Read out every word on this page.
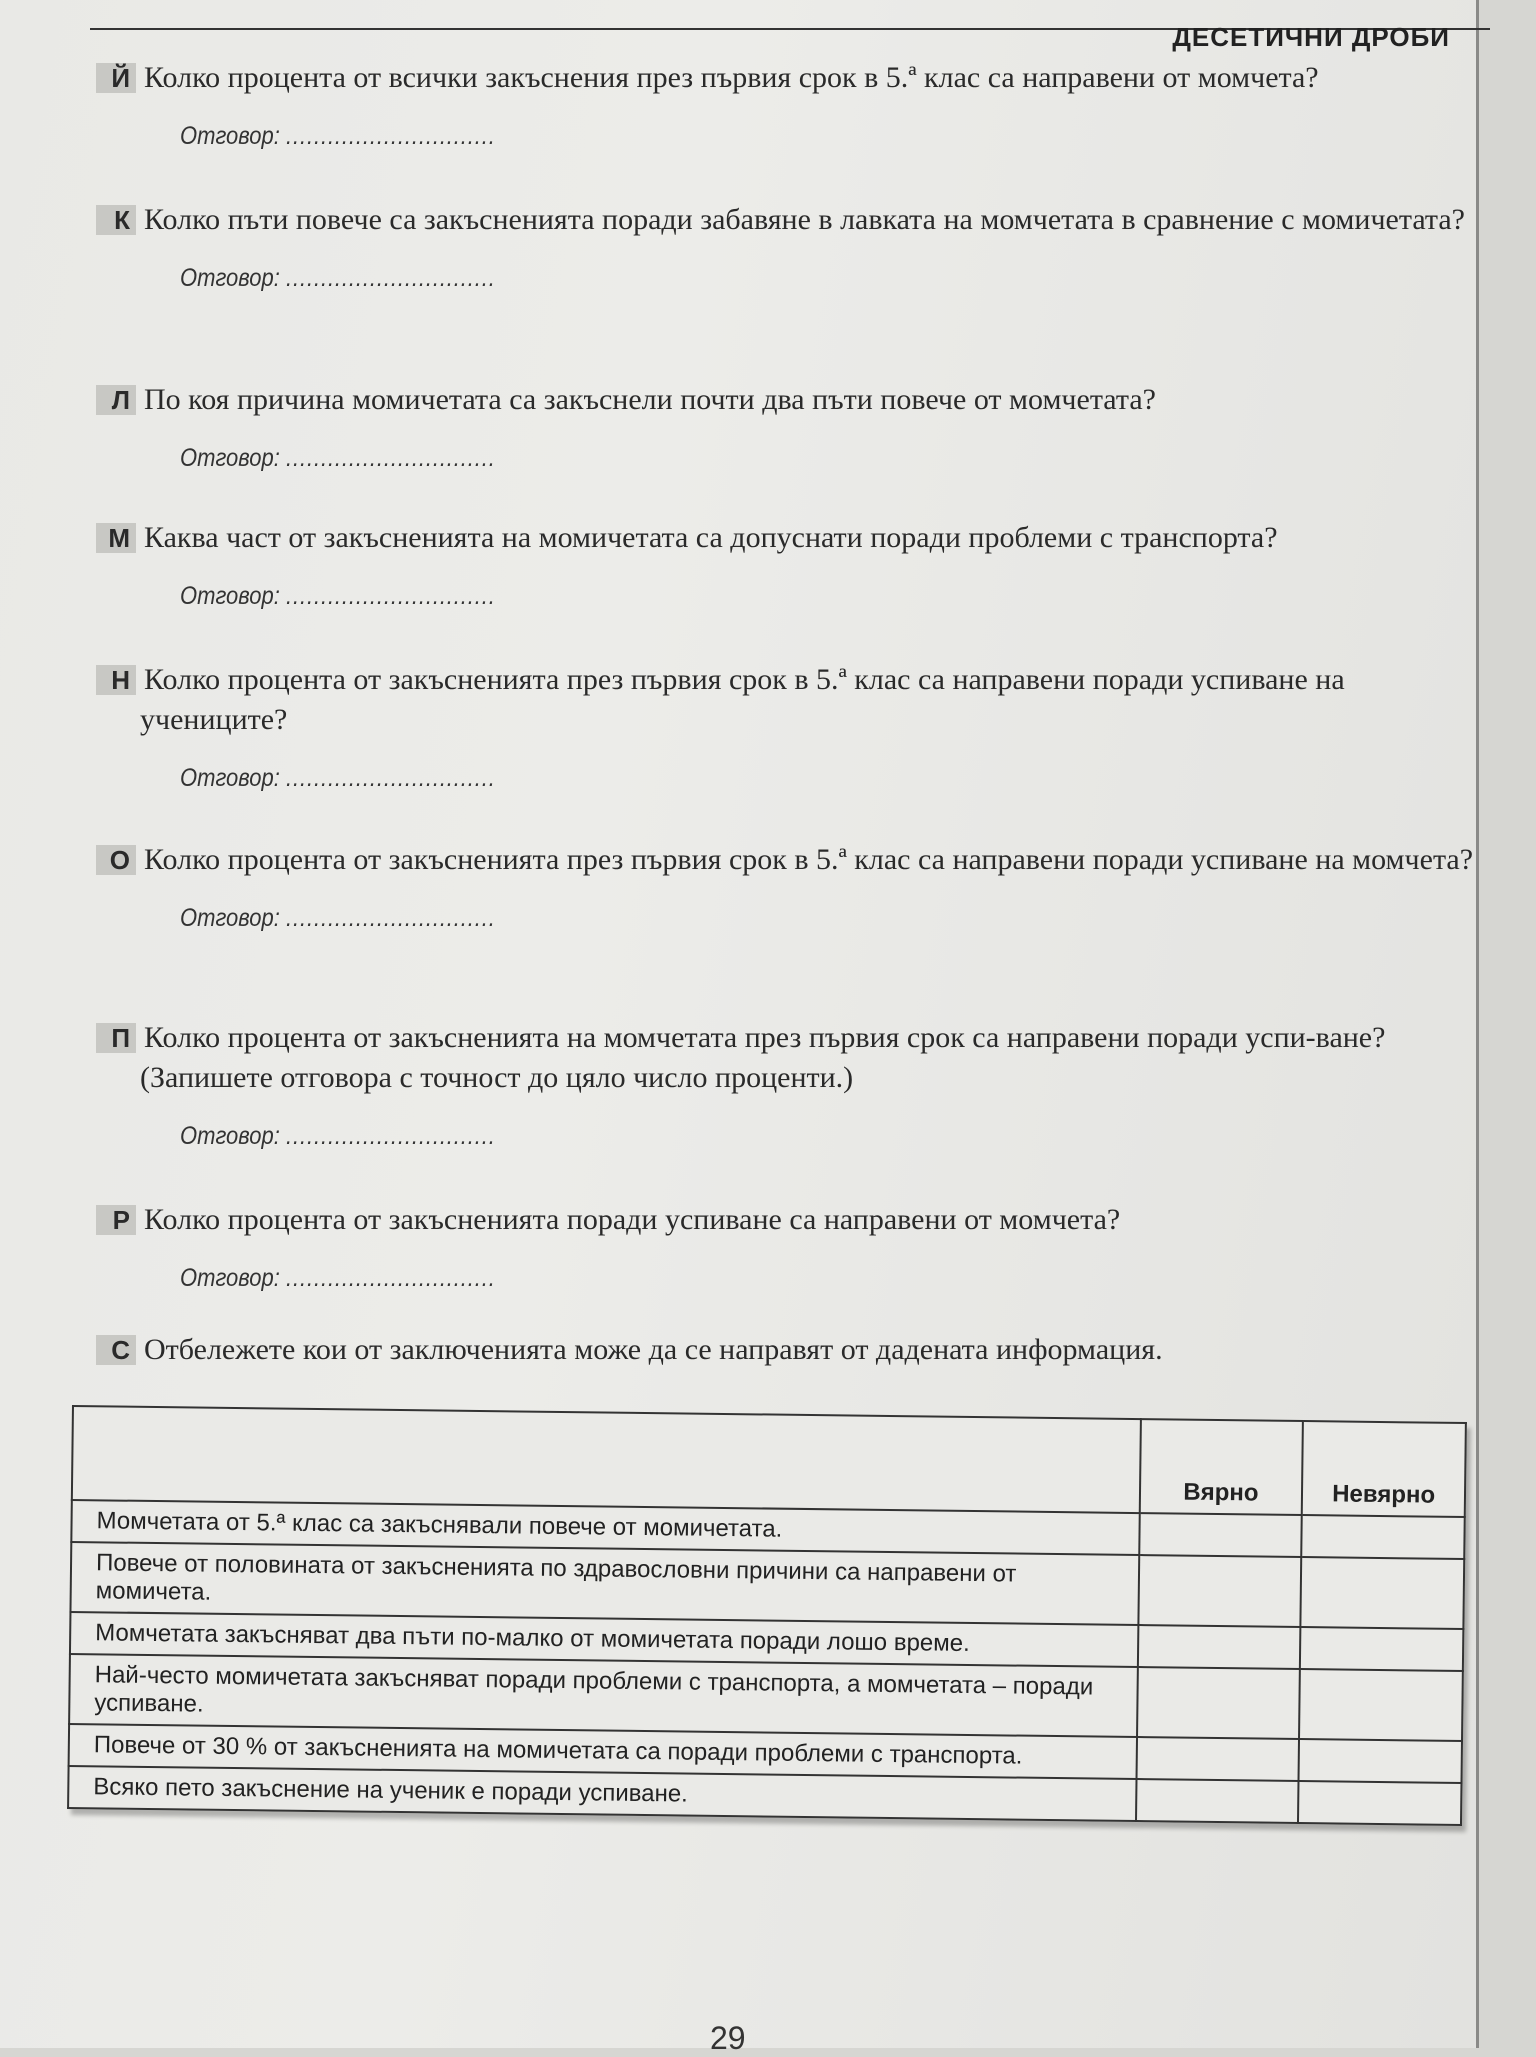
ДЕСЕТИЧНИ ДРОБИ
Й Колко процента от всички закъснения през първия срок в 5.ª клас са направени от момчета?
Отговор: ..............................
К Колко пъти повече са закъсненията поради забавяне в лавката на момчетата в сравнение с момичетата?
Отговор: ..............................
Л По коя причина момичетата са закъснели почти два пъти повече от момчетата?
Отговор: ..............................
М Каква част от закъсненията на момичетата са допуснати поради проблеми с транспорта?
Отговор: ..............................
Н Колко процента от закъсненията през първия срок в 5.ª клас са направени поради успиване на учениците?
Отговор: ..............................
О Колко процента от закъсненията през първия срок в 5.ª клас са направени поради успиване на момчета?
Отговор: ..............................
П Колко процента от закъсненията на момчетата през първия срок са направени поради успи-ване? (Запишете отговора с точност до цяло число проценти.)
Отговор: ..............................
Р Колко процента от закъсненията поради успиване са направени от момчета?
Отговор: ..............................
С Отбележете кои от заключенията може да се направят от дадената информация.
	Вярно	Невярно
Момчетата от 5.ª клас са закъснявали повече от момичетата.		
Повече от половината от закъсненията по здравословни причини са направени от момичета.		
Момчетата закъсняват два пъти по-малко от момичетата поради лошо време.		
Най-често момичетата закъсняват поради проблеми с транспорта, а момчетата – поради успиване.		
Повече от 30 % от закъсненията на момичетата са поради проблеми с транспорта.		
Всяко пето закъснение на ученик е поради успиване.		
29
